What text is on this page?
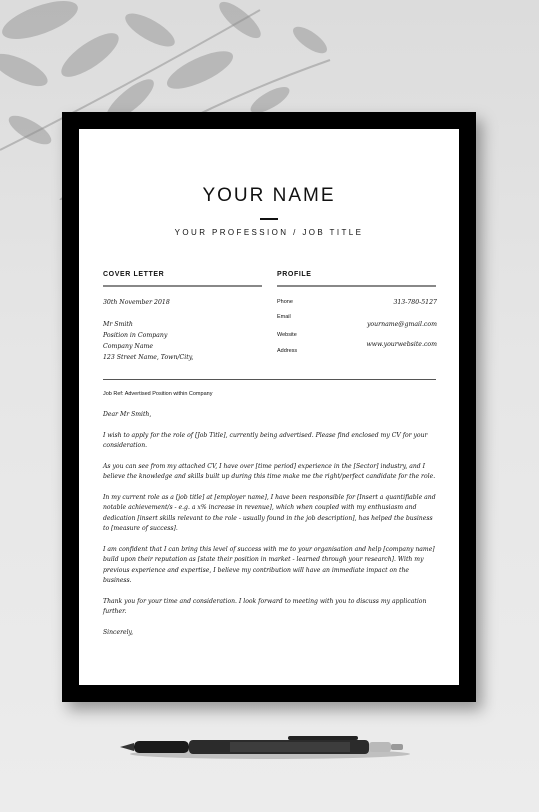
YOUR NAME
YOUR PROFESSION / JOB TITLE
COVER LETTER	PROFILE
30th November 2018
Mr Smith
Position in Company
Company Name
123 Street Name, Town/City,
Phone	313-780-5127
Email
yourname@gmail.com
Website
www.yourwebsite.com
Address
Job Ref: Advertised Position within Company

Dear Mr Smith,

I wish to apply for the role of [Job Title], currently being advertised. Please find enclosed my CV for your consideration.

As you can see from my attached CV, I have over [time period] experience in the [Sector] industry, and I believe the knowledge and skills built up during this time make me the right/perfect candidate for the role.

In my current role as a [job title] at [employer name], I have been responsible for [Insert a quantifiable and notable achievement/s - e.g. a x% increase in revenue], which when coupled with my enthusiasm and dedication [insert skills relevant to the role - usually found in the job description], has helped the business to [measure of success].

I am confident that I can bring this level of success with me to your organisation and help [company name] build upon their reputation as [state their position in market - learned through your research]. With my previous experience and expertise, I believe my contribution will have an immediate impact on the business.

Thank you for your time and consideration. I look forward to meeting with you to discuss my application further.

Sincerely,
